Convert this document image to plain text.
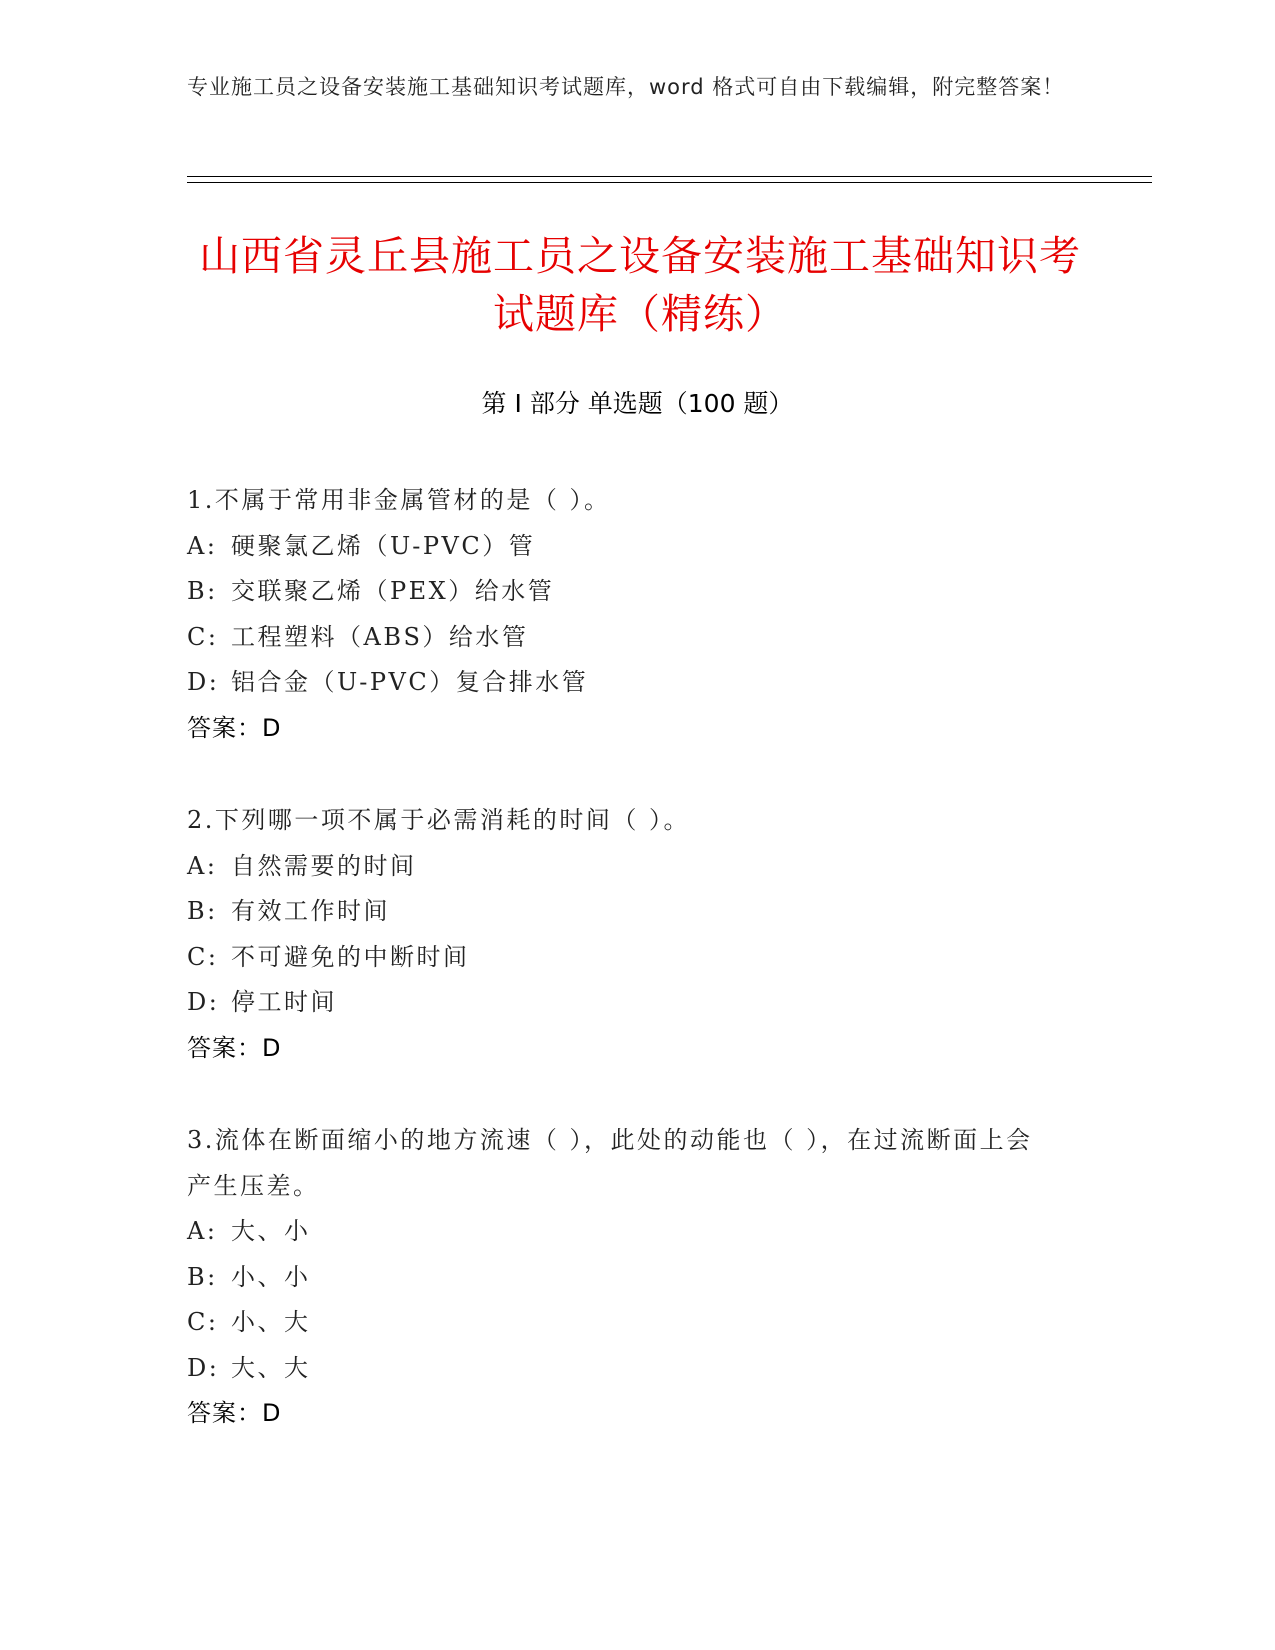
专业施工员之设备安装施工基础知识考试题库，word 格式可自由下载编辑，附完整答案！
山西省灵丘县施工员之设备安装施工基础知识考试题库（精练）
第 I 部分 单选题（100 题）
1.不属于常用非金属管材的是（ ）。
A: 硬聚氯乙烯（U-PVC）管
B: 交联聚乙烯（PEX）给水管
C: 工程塑料（ABS）给水管
D: 铝合金（U-PVC）复合排水管
答案：D
2.下列哪一项不属于必需消耗的时间（ ）。
A: 自然需要的时间
B: 有效工作时间
C: 不可避免的中断时间
D: 停工时间
答案：D
3.流体在断面缩小的地方流速（ ），此处的动能也（ ），在过流断面上会产生压差。
A: 大、小
B: 小、小
C: 小、大
D: 大、大
答案：D
